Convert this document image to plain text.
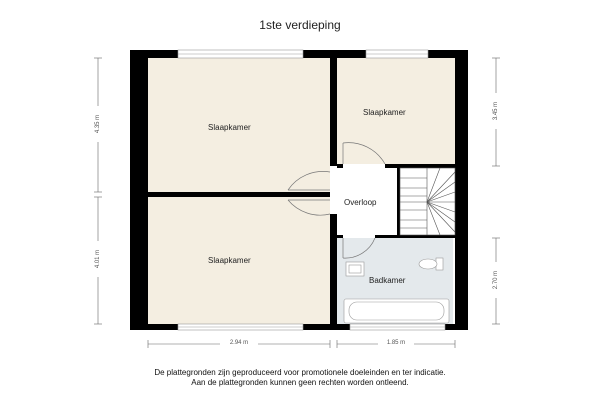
1ste verdieping
Slaapkamer
Slaapkamer
Slaapkamer
Overloop
Badkamer
4.35 m
4.01 m
3.45 m
2.70 m
2.94 m	1.85 m
De plattegronden zijn geproduceerd voor promotionele doeleinden en ter indicatie.
Aan de plattegronden kunnen geen rechten worden ontleend.
